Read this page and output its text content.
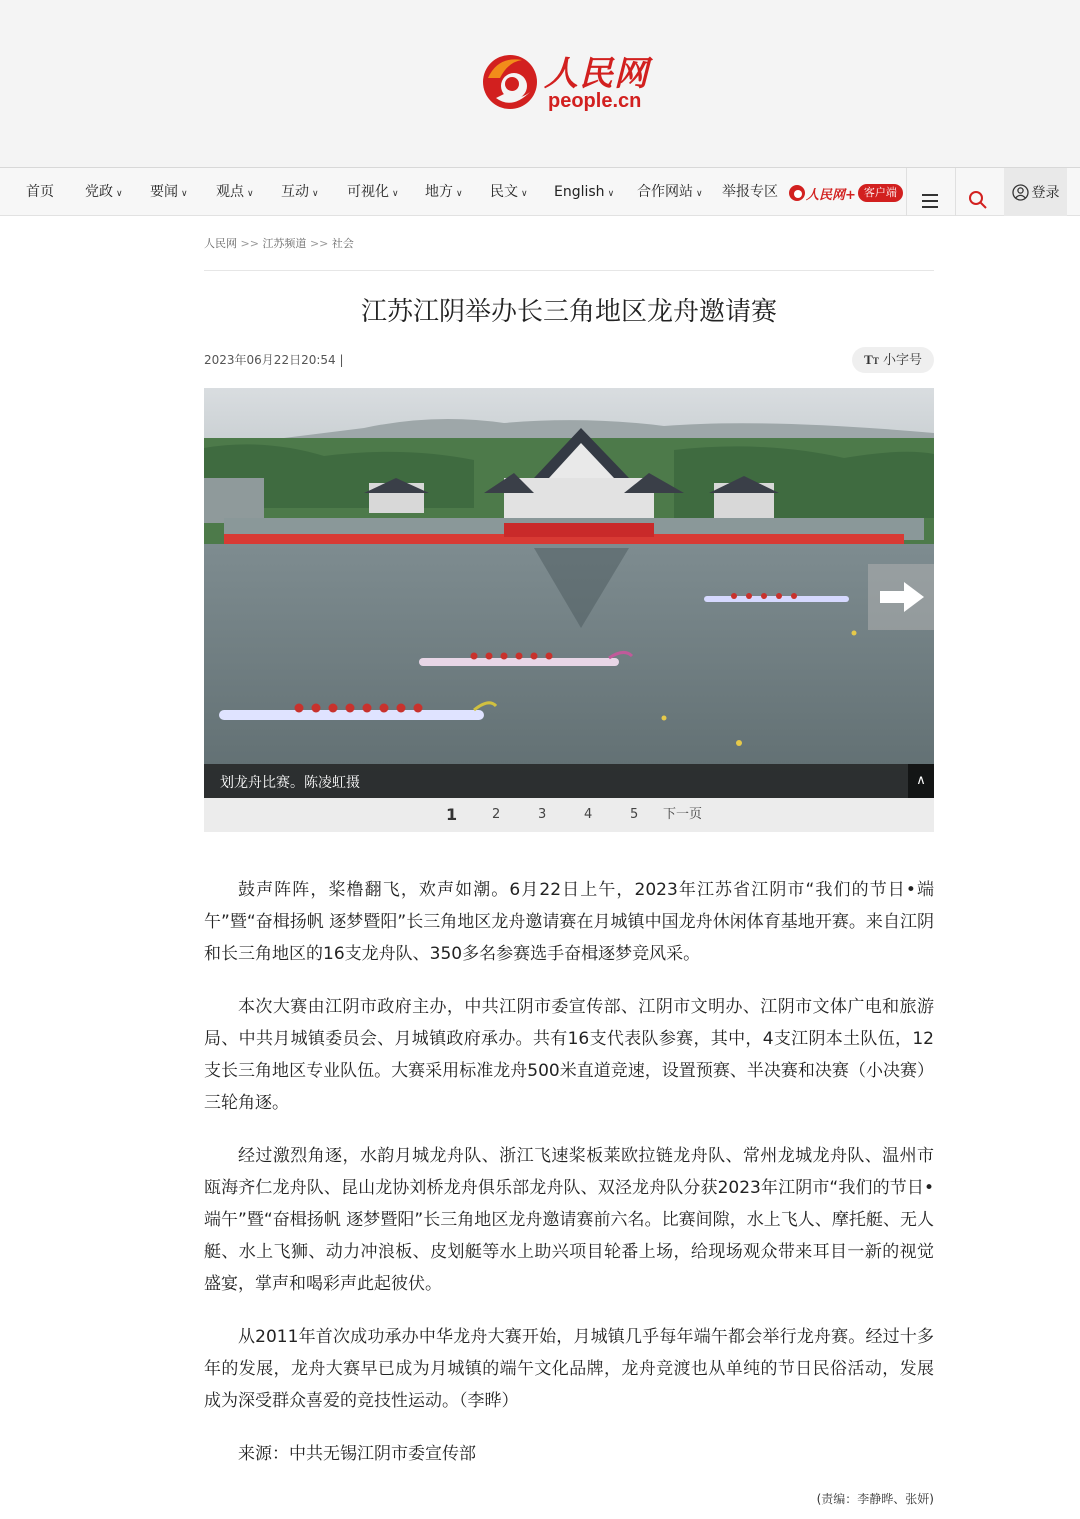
人民网
people.cn
首页 党政 ∨ 要闻 ∨ 观点 ∨ 互动 ∨ 可视化 ∨ 地方 ∨ 民文 ∨ English ∨ 合作网站 ∨ 举报专区 人民网+ 客户端	登录
人民网 >> 江苏频道 >> 社会
江苏江阴举办长三角地区龙舟邀请赛
2023年06月22日20:54 |	TT 小字号
划龙舟比赛。陈凌虹摄	∧
1	2	3	4	5 下一页

鼓声阵阵，桨橹翻飞，欢声如潮。6月22日上午，2023年江苏省江阴市“我们的节日•端午”暨“奋楫扬帆 逐梦暨阳”长三角地区龙舟邀请赛在月城镇中国龙舟休闲体育基地开赛。来自江阴和长三角地区的16支龙舟队、350多名参赛选手奋楫逐梦竞风采。

本次大赛由江阴市政府主办，中共江阴市委宣传部、江阴市文明办、江阴市文体广电和旅游局、中共月城镇委员会、月城镇政府承办。共有16支代表队参赛，其中，4支江阴本土队伍，12支长三角地区专业队伍。大赛采用标准龙舟500米直道竞速，设置预赛、半决赛和决赛（小决赛）三轮角逐。

经过激烈角逐，水韵月城龙舟队、浙江飞速桨板莱欧拉链龙舟队、常州龙城龙舟队、温州市瓯海齐仁龙舟队、昆山龙协刘桥龙舟俱乐部龙舟队、双泾龙舟队分获2023年江阴市“我们的节日•端午”暨“奋楫扬帆 逐梦暨阳”长三角地区龙舟邀请赛前六名。比赛间隙，水上飞人、摩托艇、无人艇、水上飞狮、动力冲浪板、皮划艇等水上助兴项目轮番上场，给现场观众带来耳目一新的视觉盛宴，掌声和喝彩声此起彼伏。

从2011年首次成功承办中华龙舟大赛开始，月城镇几乎每年端午都会举行龙舟赛。经过十多年的发展，龙舟大赛早已成为月城镇的端午文化品牌，龙舟竞渡也从单纯的节日民俗活动，发展成为深受群众喜爱的竞技性运动。（李晔）

来源：中共无锡江阴市委宣传部

(责编：李静晔、张妍)
